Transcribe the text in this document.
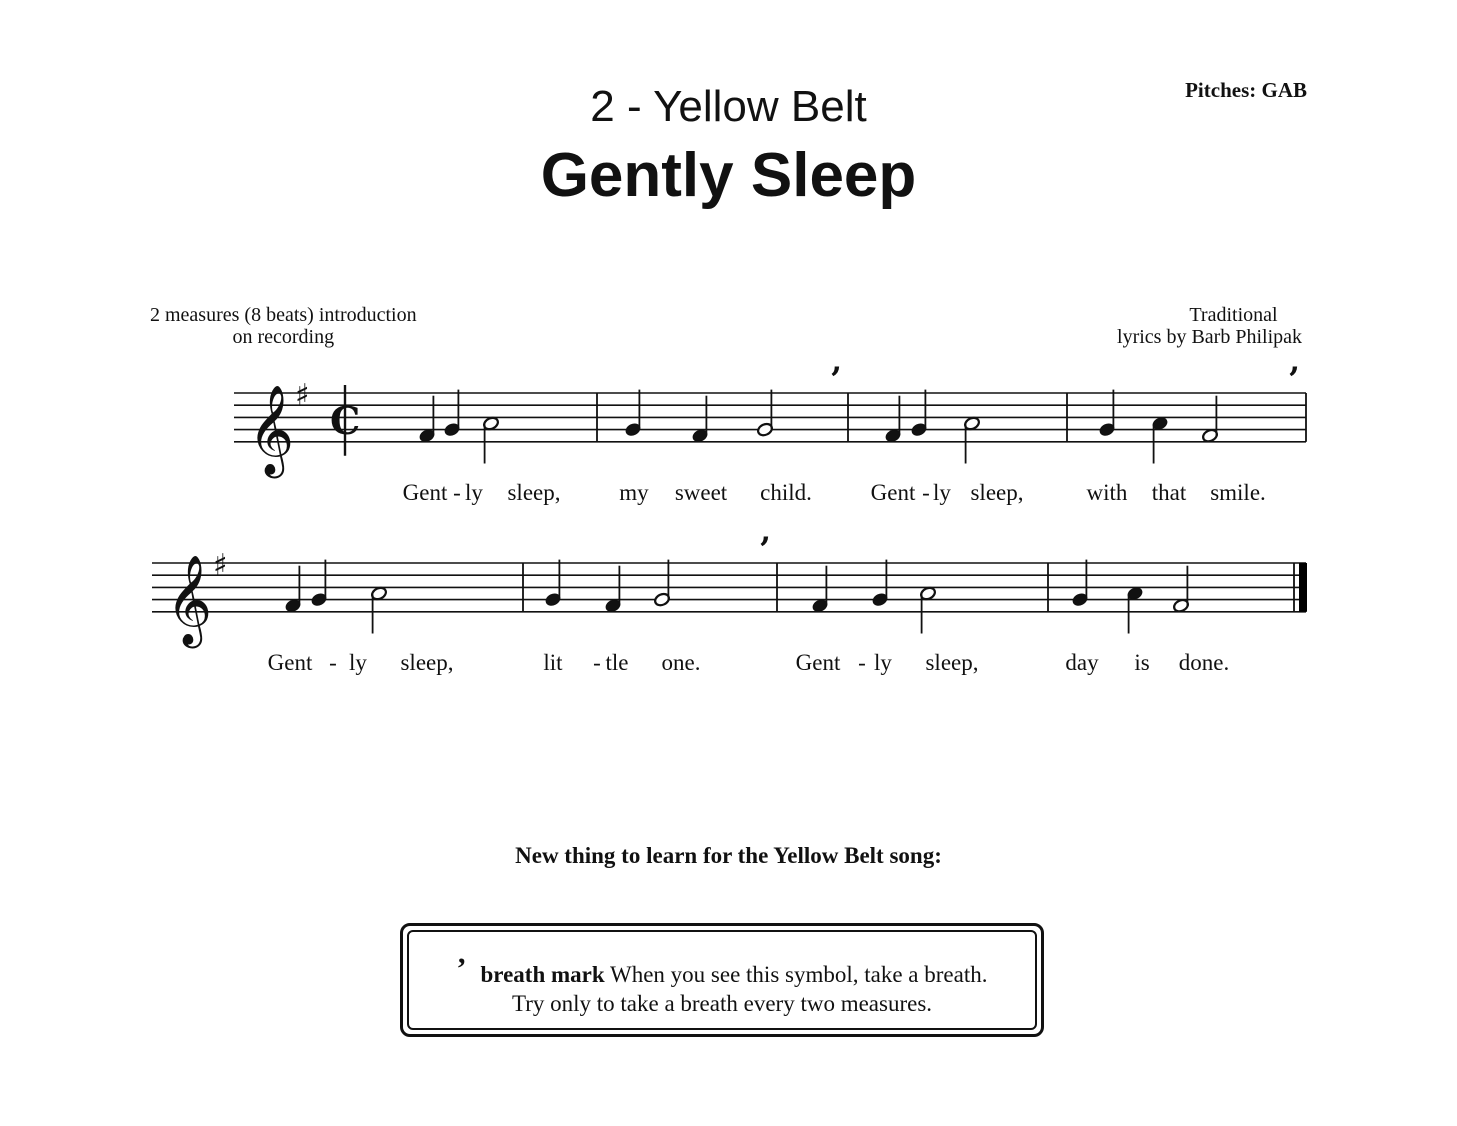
2 - Yellow Belt
Gently Sleep
Pitches: GAB
2 measures (8 beats) introduction
on recording
Traditional
lyrics by Barb Philipak
𝄞 ♯
C
’	’
Gent - ly sleep,	my sweet child.	Gent - ly sleep,	with that smile.
𝄞 ♯	’
Gent - ly sleep,	lit - tle one.	Gent - ly sleep,	day is done.
New thing to learn for the Yellow Belt song:
’ breath mark When you see this symbol, take a breath.
Try only to take a breath every two measures.
